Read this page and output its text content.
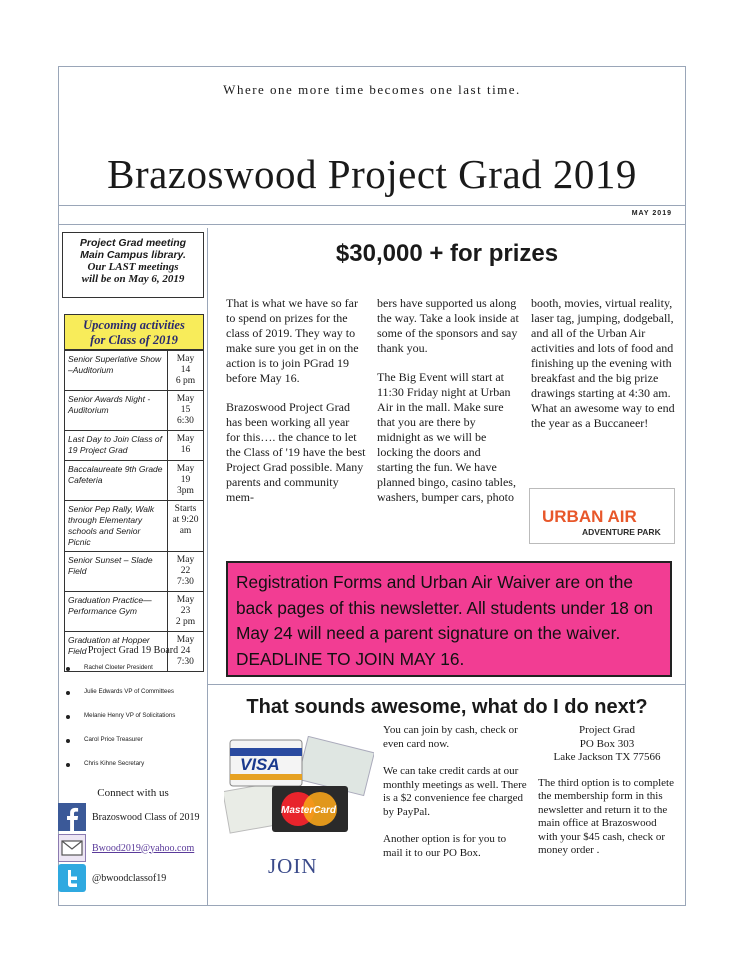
Where one more time becomes one last time.
Brazoswood Project Grad 2019
MAY 2019
Project Grad meeting
Main Campus library.
Our LAST meetings
will be on May 6, 2019
Upcoming activities
for Class of 2019
Senior Superlative Show –Auditorium	May 14
6 pm
Senior Awards Night - Auditorium	May 15
6:30
Last Day to Join Class of 19 Project Grad	May 16
Baccalaureate 9th Grade Cafeteria	May 19
3pm
Senior Pep Rally, Walk through Elementary schools and Senior Picnic	Starts at 9:20 am
Senior Sunset – Slade Field	May 22
7:30
Graduation Practice— Performance Gym	May 23
2 pm
Graduation at Hopper Field	May 24
7:30
Project Grad 19 Board
Rachel Cloeter President
Julie Edwards VP of Committees
Melanie Henry VP of Solicitations
Carol Price Treasurer
Chris Kihne Secretary
Connect with us
Brazoswood Class of 2019
Bwood2019@yahoo.com
@bwoodclassof19
$30,000 + for prizes

That is what we have so far to spend on prizes for the class of 2019. They way to make sure you get in on the action is to join PGrad 19 before May 16.

Brazoswood Project Grad has been working all year for this…. the chance to let the Class of '19 have the best Project Grad possible. Many parents and community mem-

bers have supported us along the way. Take a look inside at some of the sponsors and say thank you.

The Big Event will start at 11:30 Friday night at Urban Air in the mall. Make sure that you are there by midnight as we will be locking the doors and starting the fun. We have planned bingo, casino tables, washers, bumper cars, photo

booth, movies, virtual reality, laser tag, jumping, dodgeball, and all of the Urban Air activities and lots of food and finishing up the evening with breakfast and the big prize drawings starting at 4:30 am. What an awesome way to end the year as a Buccaneer!

URBAN AIR
ADVENTURE PARK
Registration Forms and Urban Air Waiver are on the back pages of this newsletter. All students under 18 on May 24 will need a parent signature on the waiver. DEADLINE TO JOIN MAY 16.
That sounds awesome, what do I do next?
VISA
MasterCard
JOIN

You can join by cash, check or even card now.

We can take credit cards at our monthly meetings as well. There is a $2 convenience fee charged by PayPal.

Another option is for you to mail it to our PO Box.

Project Grad
PO Box 303
Lake Jackson TX 77566

The third option is to complete the membership form in this newsletter and return it to the main office at Brazoswood with your $45 cash, check or money order .
